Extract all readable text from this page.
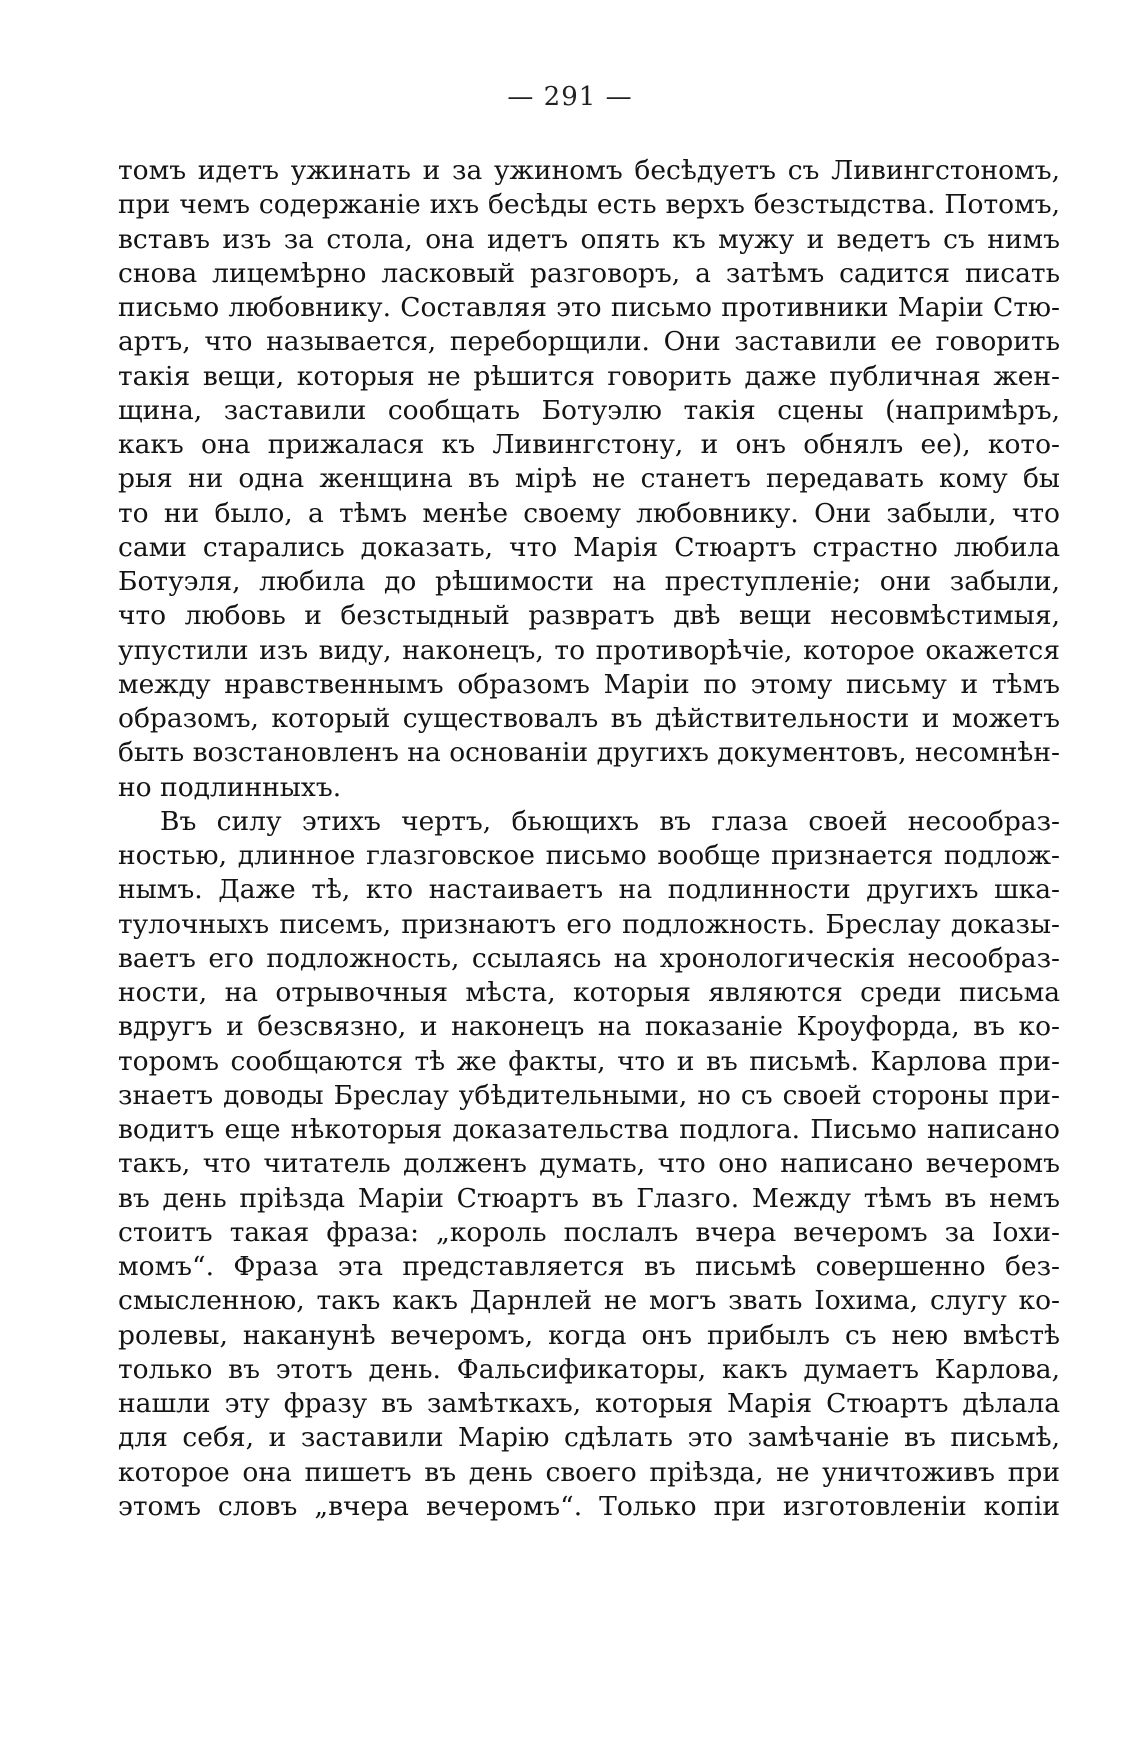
— 291 —
томъ идетъ ужинать и за ужиномъ бесѣдуетъ съ Ливингстономъ,
при чемъ содержаніе ихъ бесѣды есть верхъ безстыдства. Потомъ,
вставъ изъ за стола, она идетъ опять къ мужу и ведетъ съ нимъ
снова лицемѣрно ласковый разговоръ, а затѣмъ садится писать
письмо любовнику. Составляя это письмо противники Маріи Стю-
артъ, что называется, переборщили. Они заставили ее говорить
такія вещи, которыя не рѣшится говорить даже публичная жен-
щина, заставили сообщать Ботуэлю такія сцены (напримѣръ,
какъ она прижалася къ Ливингстону, и онъ обнялъ ее), кото-
рыя ни одна женщина въ мірѣ не станетъ передавать кому бы
то ни было, а тѣмъ менѣе своему любовнику. Они забыли, что
сами старались доказать, что Марія Стюартъ страстно любила
Ботуэля, любила до рѣшимости на преступленіе; они забыли,
что любовь и безстыдный развратъ двѣ вещи несовмѣстимыя,
упустили изъ виду, наконецъ, то противорѣчіе, которое окажется
между нравственнымъ образомъ Маріи по этому письму и тѣмъ
образомъ, который существовалъ въ дѣйствительности и можетъ
быть возстановленъ на основаніи другихъ документовъ, несомнѣн-
но подлинныхъ.
Въ силу этихъ чертъ, бьющихъ въ глаза своей несообраз-
ностью, длинное глазговское письмо вообще признается подлож-
нымъ. Даже тѣ, кто настаиваетъ на подлинности другихъ шка-
тулочныхъ писемъ, признаютъ его подложность. Бреслау доказы-
ваетъ его подложность, ссылаясь на хронологическія несообраз-
ности, на отрывочныя мѣста, которыя являются среди письма
вдругъ и безсвязно, и наконецъ на показаніе Кроуфорда, въ ко-
торомъ сообщаются тѣ же факты, что и въ письмѣ. Карлова при-
знаетъ доводы Бреслау убѣдительными, но съ своей стороны при-
водитъ еще нѣкоторыя доказательства подлога. Письмо написано
такъ, что читатель долженъ думать, что оно написано вечеромъ
въ день пріѣзда Маріи Стюартъ въ Глазго. Между тѣмъ въ немъ
стоитъ такая фраза: „король послалъ вчера вечеромъ за Іохи-
момъ“. Фраза эта представляется въ письмѣ совершенно без-
смысленною, такъ какъ Дарнлей не могъ звать Іохима, слугу ко-
ролевы, наканунѣ вечеромъ, когда онъ прибылъ съ нею вмѣстѣ
только въ этотъ день. Фальсификаторы, какъ думаетъ Карлова,
нашли эту фразу въ замѣткахъ, которыя Марія Стюартъ дѣлала
для себя, и заставили Марію сдѣлать это замѣчаніе въ письмѣ,
которое она пишетъ въ день своего пріѣзда, не уничтоживъ при
этомъ словъ „вчера вечеромъ“. Только при изготовленіи копіи
